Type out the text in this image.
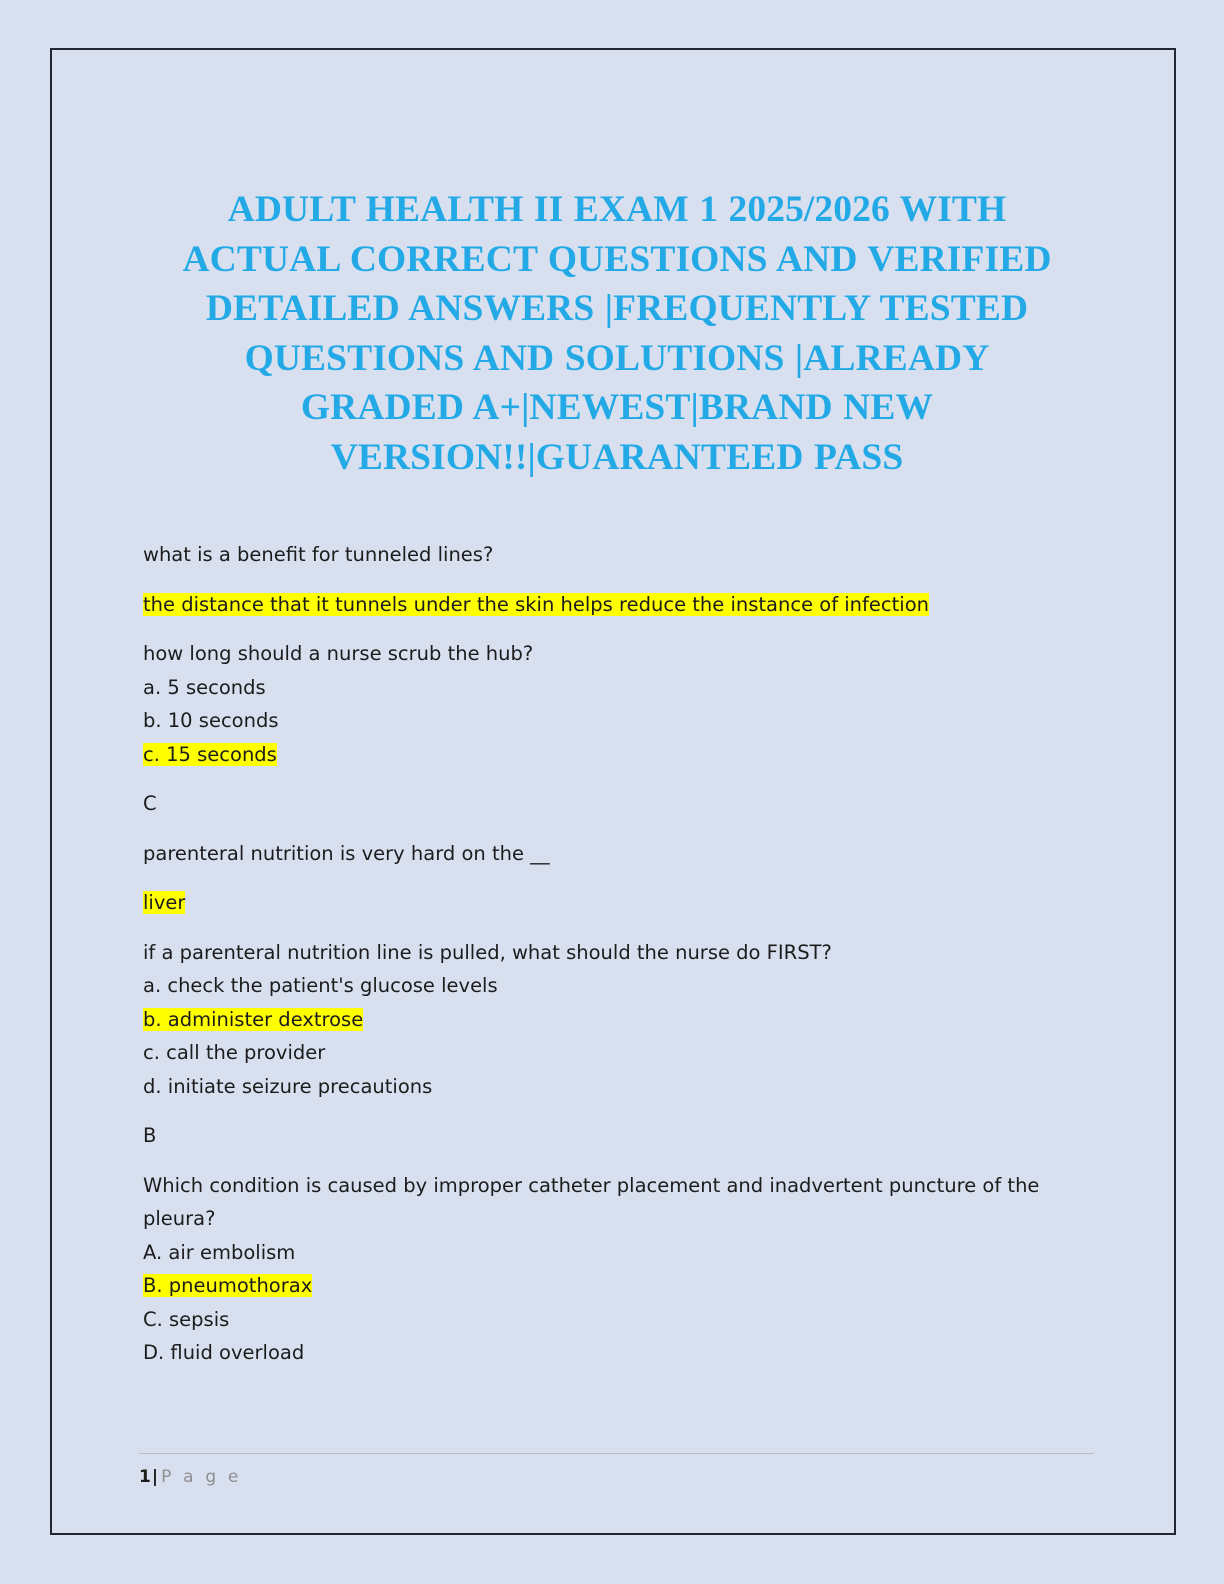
ADULT HEALTH II EXAM 1 2025/2026 WITH ACTUAL CORRECT QUESTIONS AND VERIFIED DETAILED ANSWERS |FREQUENTLY TESTED QUESTIONS AND SOLUTIONS |ALREADY GRADED A+|NEWEST|BRAND NEW VERSION!!|GUARANTEED PASS
what is a benefit for tunneled lines?
the distance that it tunnels under the skin helps reduce the instance of infection
how long should a nurse scrub the hub?
a. 5 seconds
b. 10 seconds
c. 15 seconds
C
parenteral nutrition is very hard on the __
liver
if a parenteral nutrition line is pulled, what should the nurse do FIRST?
a. check the patient's glucose levels
b. administer dextrose
c. call the provider
d. initiate seizure precautions
B
Which condition is caused by improper catheter placement and inadvertent puncture of the pleura?
A. air embolism
B. pneumothorax
C. sepsis
D. fluid overload
1| P a g e
